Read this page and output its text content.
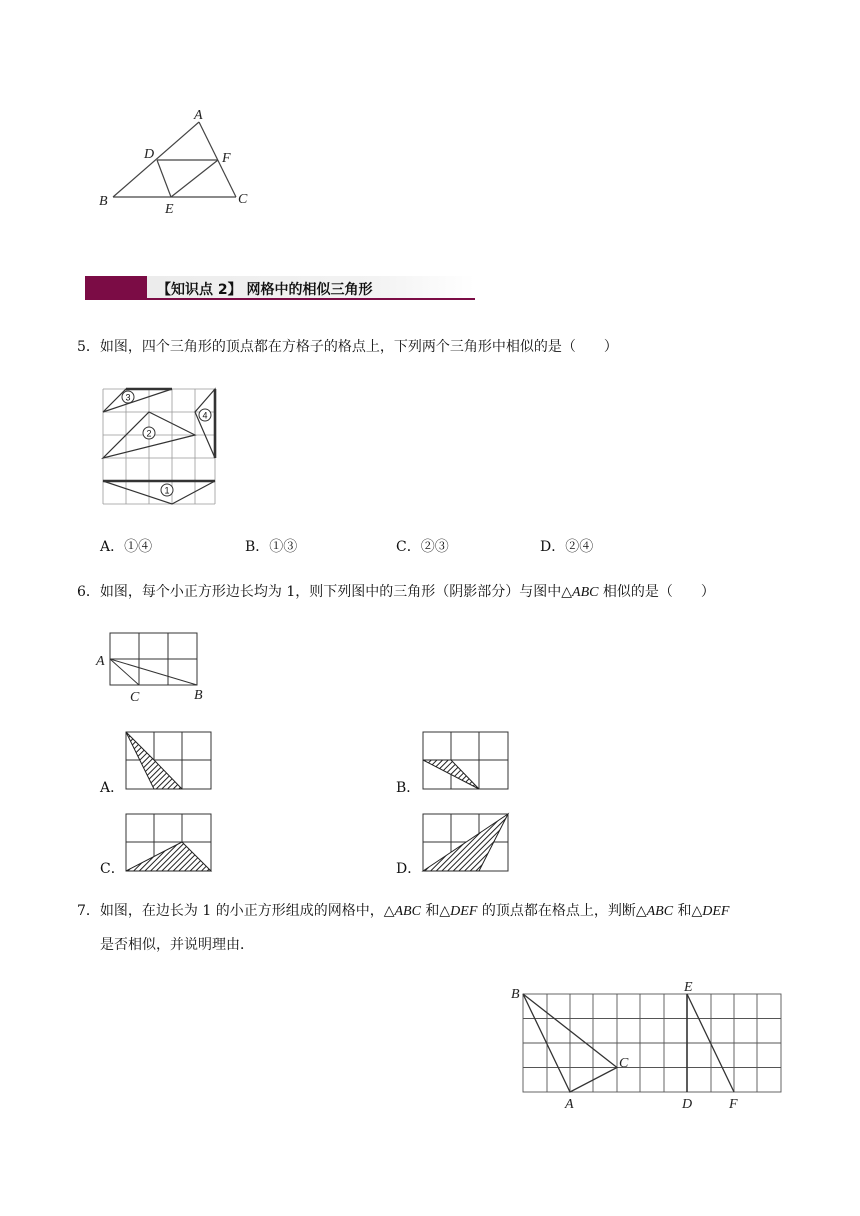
A
D	F
B	C
E
【知识点 2】 网格中的相似三角形
5．如图，四个三角形的顶点都在方格子的格点上，下列两个三角形中相似的是（　　）
3
2
4
1
A．①④	B．①③	C．②③	D．②④
6．如图，每个小正方形边长均为 1，则下列图中的三角形（阴影部分）与图中△ABC 相似的是（　　）
A
C	B
A．	B．
C．	D．
7．如图，在边长为 1 的小正方形组成的网格中，△ABC 和△DEF 的顶点都在格点上，判断△ABC 和△DEF
是否相似，并说明理由．
B
C
A
E
D	F
